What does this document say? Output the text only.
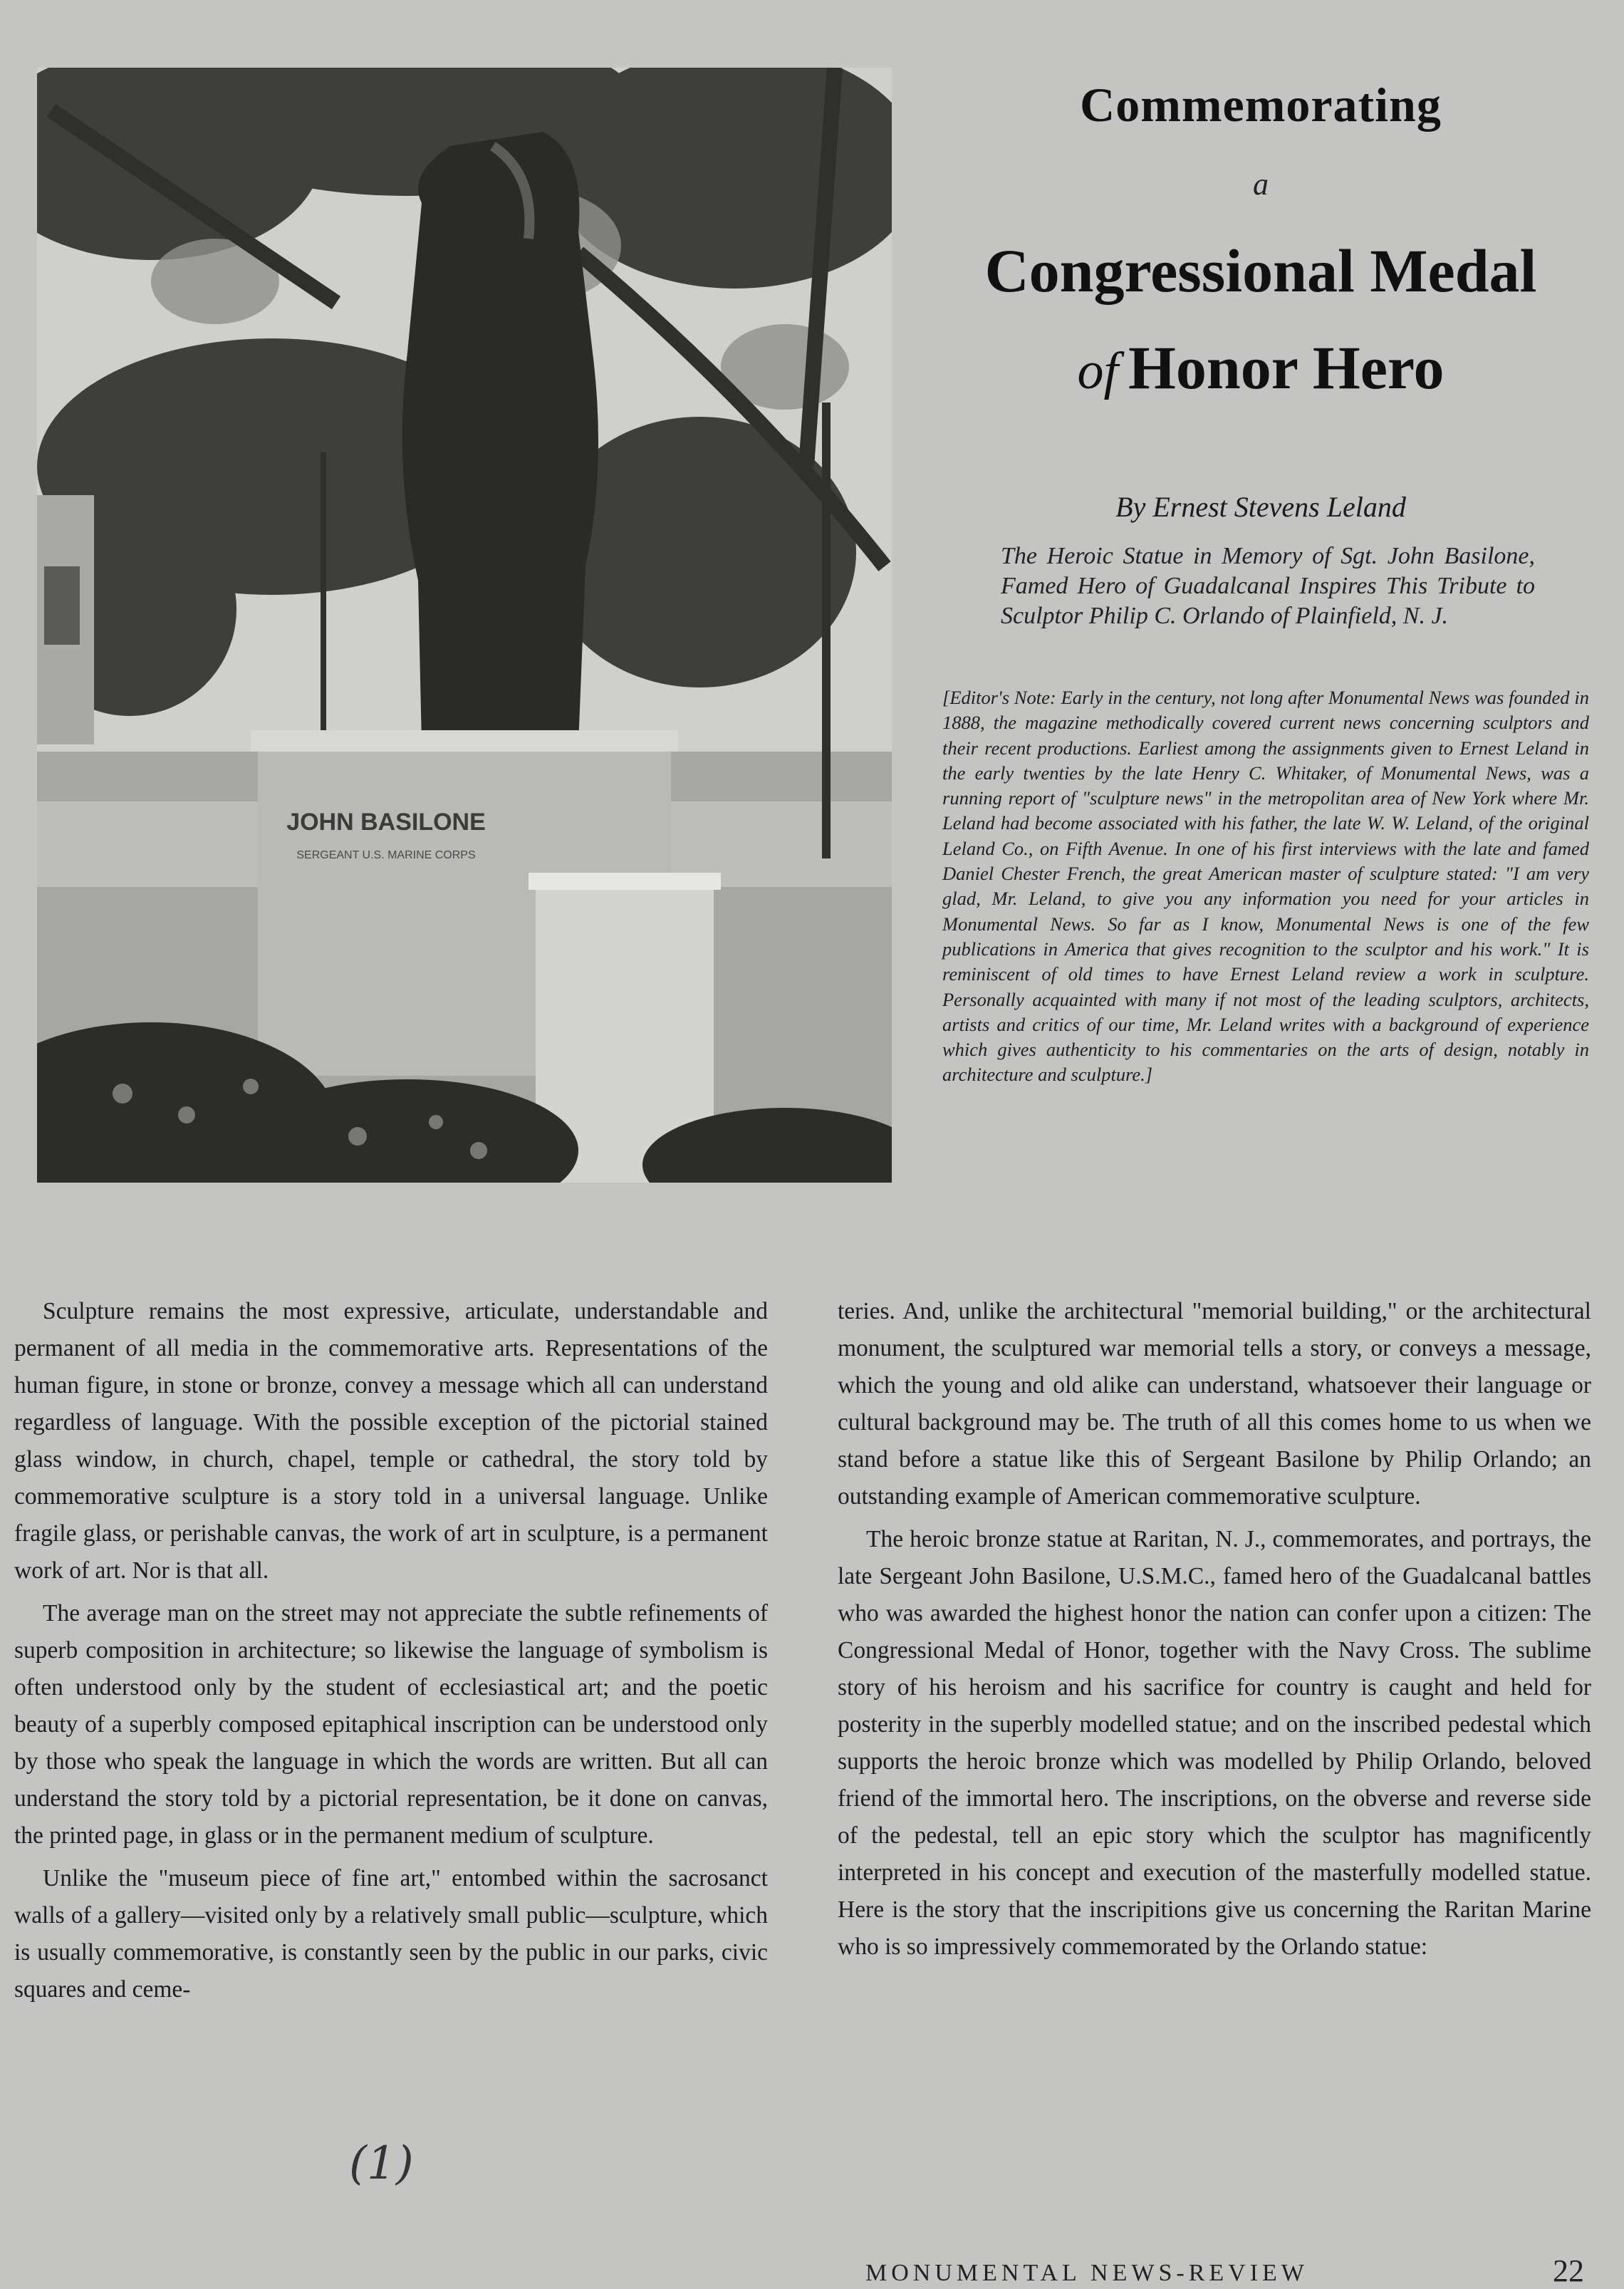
JOHN BASILONE
SERGEANT U.S. MARINE CORPS
Commemorating
a
Congressional Medal
of Honor Hero
By Ernest Stevens Leland
The Heroic Statue in Memory of Sgt. John Basilone, Famed Hero of Guadalcanal Inspires This Tribute to Sculptor Philip C. Orlando of Plainfield, N. J.
[Editor's Note: Early in the century, not long after Monumental News was founded in 1888, the magazine methodically covered current news concerning sculptors and their recent productions. Earliest among the assignments given to Ernest Leland in the early twenties by the late Henry C. Whitaker, of Monumental News, was a running report of "sculpture news" in the metropolitan area of New York where Mr. Leland had become associated with his father, the late W. W. Leland, of the original Leland Co., on Fifth Avenue. In one of his first interviews with the late and famed Daniel Chester French, the great American master of sculpture stated: "I am very glad, Mr. Leland, to give you any information you need for your articles in Monumental News. So far as I know, Monumental News is one of the few publications in America that gives recognition to the sculptor and his work." It is reminiscent of old times to have Ernest Leland review a work in sculpture. Personally acquainted with many if not most of the leading sculptors, architects, artists and critics of our time, Mr. Leland writes with a background of experience which gives authenticity to his commentaries on the arts of design, notably in architecture and sculpture.]

Sculpture remains the most expressive, articulate, understandable and permanent of all media in the commemorative arts. Representations of the human figure, in stone or bronze, convey a message which all can understand regardless of language. With the possible exception of the pictorial stained glass window, in church, chapel, temple or cathedral, the story told by commemorative sculpture is a story told in a universal language. Unlike fragile glass, or perishable canvas, the work of art in sculpture, is a permanent work of art. Nor is that all.

The average man on the street may not appreciate the subtle refinements of superb composition in architecture; so likewise the language of symbolism is often understood only by the student of ecclesiastical art; and the poetic beauty of a superbly composed epitaphical inscription can be understood only by those who speak the language in which the words are written. But all can understand the story told by a pictorial representation, be it done on canvas, the printed page, in glass or in the permanent medium of sculpture.

Unlike the "museum piece of fine art," entombed within the sacrosanct walls of a gallery—visited only by a relatively small public—sculpture, which is usually commemorative, is constantly seen by the public in our parks, civic squares and ceme-

teries. And, unlike the architectural "memorial building," or the architectural monument, the sculptured war memorial tells a story, or conveys a message, which the young and old alike can understand, whatsoever their language or cultural background may be. The truth of all this comes home to us when we stand before a statue like this of Sergeant Basilone by Philip Orlando; an outstanding example of American commemorative sculpture.

The heroic bronze statue at Raritan, N. J., commemorates, and portrays, the late Sergeant John Basilone, U.S.M.C., famed hero of the Guadalcanal battles who was awarded the highest honor the nation can confer upon a citizen: The Congressional Medal of Honor, together with the Navy Cross. The sublime story of his heroism and his sacrifice for country is caught and held for posterity in the superbly modelled statue; and on the inscribed pedestal which supports the heroic bronze which was modelled by Philip Orlando, beloved friend of the immortal hero. The inscriptions, on the obverse and reverse side of the pedestal, tell an epic story which the sculptor has magnificently interpreted in his concept and execution of the masterfully modelled statue. Here is the story that the inscripitions give us concerning the Raritan Marine who is so impressively commemorated by the Orlando statue:

(1)
MONUMENTAL NEWS-REVIEW	22
